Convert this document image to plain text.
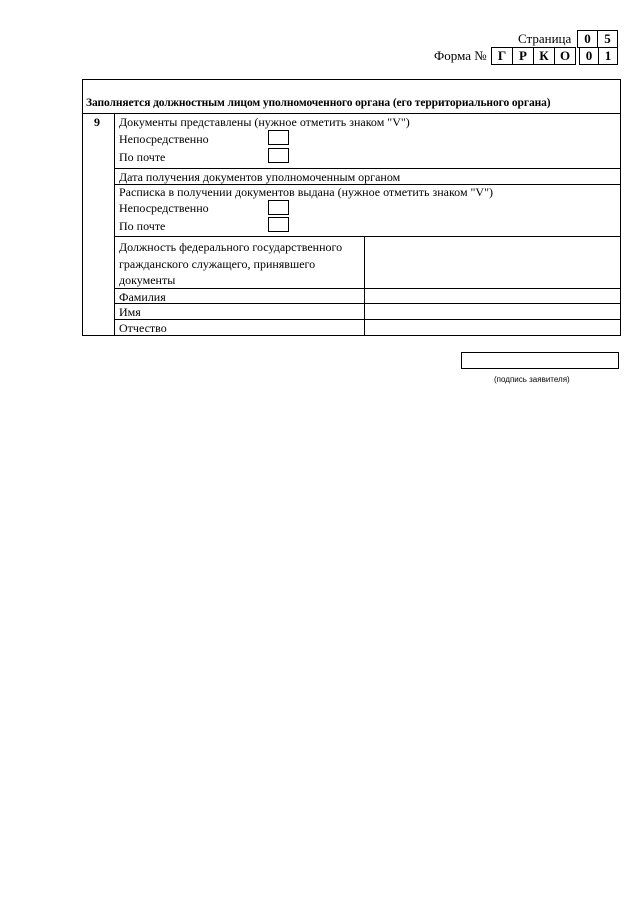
Страница 0	5
Форма № Г Р К О	0 1
Заполняется должностным лицом уполномоченного органа (его территориального органа)
9 Документы представлены (нужное отметить знаком "V")
Непосредственно
По почте
Дата получения документов уполномоченным органом
Расписка в получении документов выдана (нужное отметить знаком "V")
Непосредственно
По почте
Должность федерального государственного
гражданского служащего, принявшего
документы
Фамилия
Имя
Отчество
(подпись заявителя)
